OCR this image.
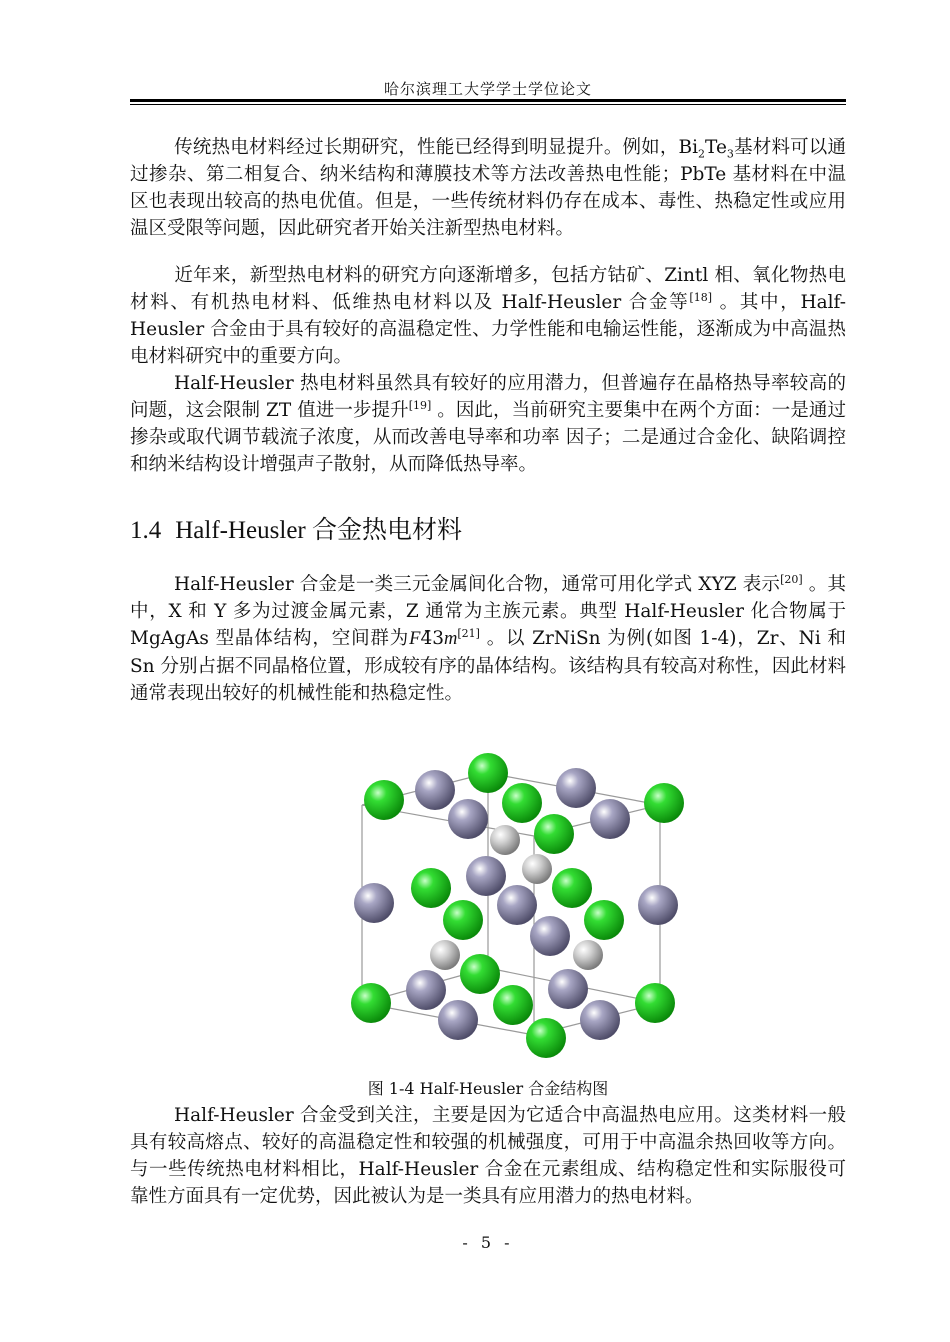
哈尔滨理工大学学士学位论文
传统热电材料经过长期研究，性能已经得到明显提升。例如，$Bi_2Te_3$基材料可以通过掺杂、第二相复合、纳米结构和薄膜技术等方法改善热电性能；PbTe 基材料在中温区也表现出较高的热电优值。但是，一些传统材料仍存在成本、毒性、热稳定性或应用温区受限等问题，因此研究者开始关注新型热电材料。
近年来，新型热电材料的研究方向逐渐增多，包括方钴矿、Zintl 相、氧化物热电材料、有机热电材料、低维热电材料以及 Half-Heusler 合金等[18] 。其中，Half-Heusler 合金由于具有较好的高温稳定性、力学性能和电输运性能，逐渐成为中高温热电材料研究中的重要方向。
Half-Heusler 热电材料虽然具有较好的应用潜力，但普遍存在晶格热导率较高的问题，这会限制 ZT 值进一步提升[19] 。因此，当前研究主要集中在两个方面：一是通过掺杂或取代调节载流子浓度，从而改善电导率和功率 因子；二是通过合金化、缺陷调控和纳米结构设计增强声子散射，从而降低热导率。
1.4 Half-Heusler 合金热电材料
Half-Heusler 合金是一类三元金属间化合物，通常可用化学式 XYZ 表示[20] 。其中，X 和 Y 多为过渡金属元素，Z 通常为主族元素。典型 Half-Heusler 化合物属于 MgAgAs 型晶体结构，空间群为F4̄3m[21] 。以 ZrNiSn 为例(如图 1-4)，Zr、Ni 和 Sn 分别占据不同晶格位置，形成较有序的晶体结构。该结构具有较高对称性，因此材料通常表现出较好的机械性能和热稳定性。
图 1-4 Half-Heusler 合金结构图
Half-Heusler 合金受到关注，主要是因为它适合中高温热电应用。这类材料一般具有较高熔点、较好的高温稳定性和较强的机械强度，可用于中高温余热回收等方向。与一些传统热电材料相比，Half-Heusler 合金在元素组成、结构稳定性和实际服役可靠性方面具有一定优势，因此被认为是一类具有应用潜力的热电材料。
- 5 -
